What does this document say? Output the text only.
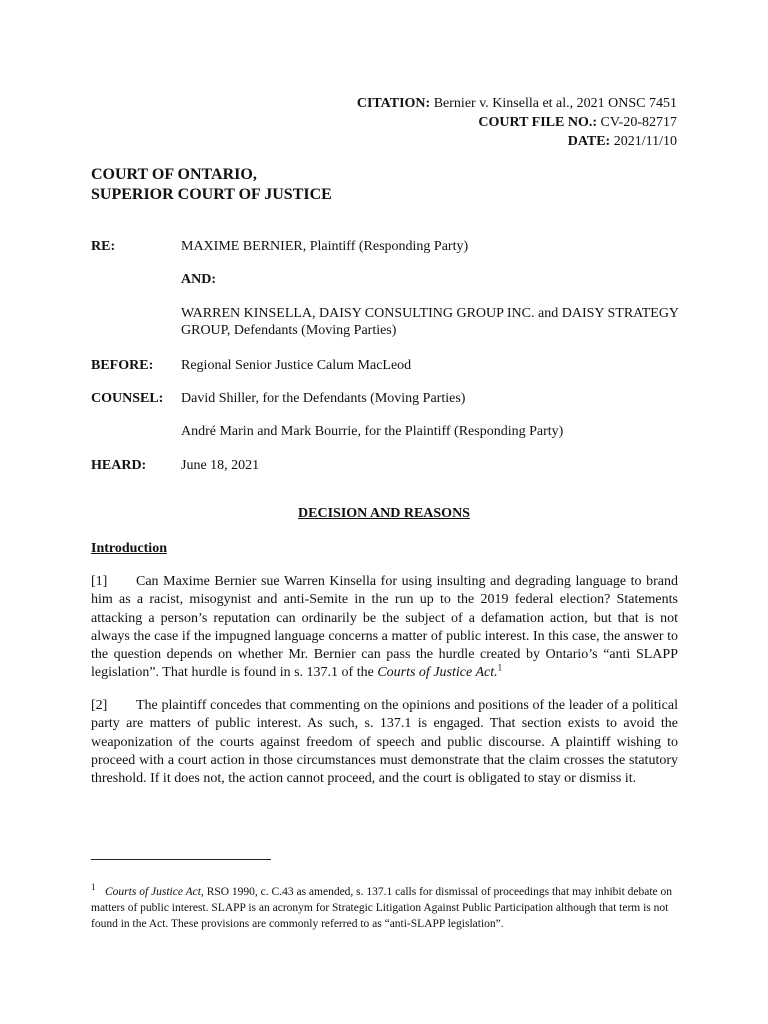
CITATION: Bernier v. Kinsella et al., 2021 ONSC 7451
COURT FILE NO.: CV-20-82717
DATE: 2021/11/10
COURT OF ONTARIO,
SUPERIOR COURT OF JUSTICE
RE:	MAXIME BERNIER, Plaintiff (Responding Party)
AND:
WARREN KINSELLA, DAISY CONSULTING GROUP INC. and DAISY STRATEGY GROUP, Defendants (Moving Parties)
BEFORE: Regional Senior Justice Calum MacLeod
COUNSEL: David Shiller, for the Defendants (Moving Parties)
André Marin and Mark Bourrie, for the Plaintiff (Responding Party)
HEARD: June 18, 2021
DECISION AND REASONS
Introduction
[1] Can Maxime Bernier sue Warren Kinsella for using insulting and degrading language to brand him as a racist, misogynist and anti-Semite in the run up to the 2019 federal election? Statements attacking a person’s reputation can ordinarily be the subject of a defamation action, but that is not always the case if the impugned language concerns a matter of public interest. In this case, the answer to the question depends on whether Mr. Bernier can pass the hurdle created by Ontario’s “anti SLAPP legislation”. That hurdle is found in s. 137.1 of the Courts of Justice Act.$^1$
[2] The plaintiff concedes that commenting on the opinions and positions of the leader of a political party are matters of public interest. As such, s. 137.1 is engaged. That section exists to avoid the weaponization of the courts against freedom of speech and public discourse. A plaintiff wishing to proceed with a court action in those circumstances must demonstrate that the claim crosses the statutory threshold. If it does not, the action cannot proceed, and the court is obligated to stay or dismiss it.
1 Courts of Justice Act, RSO 1990, c. C.43 as amended, s. 137.1 calls for dismissal of proceedings that may inhibit debate on matters of public interest. SLAPP is an acronym for Strategic Litigation Against Public Participation although that term is not found in the Act. These provisions are commonly referred to as “anti-SLAPP legislation”.
